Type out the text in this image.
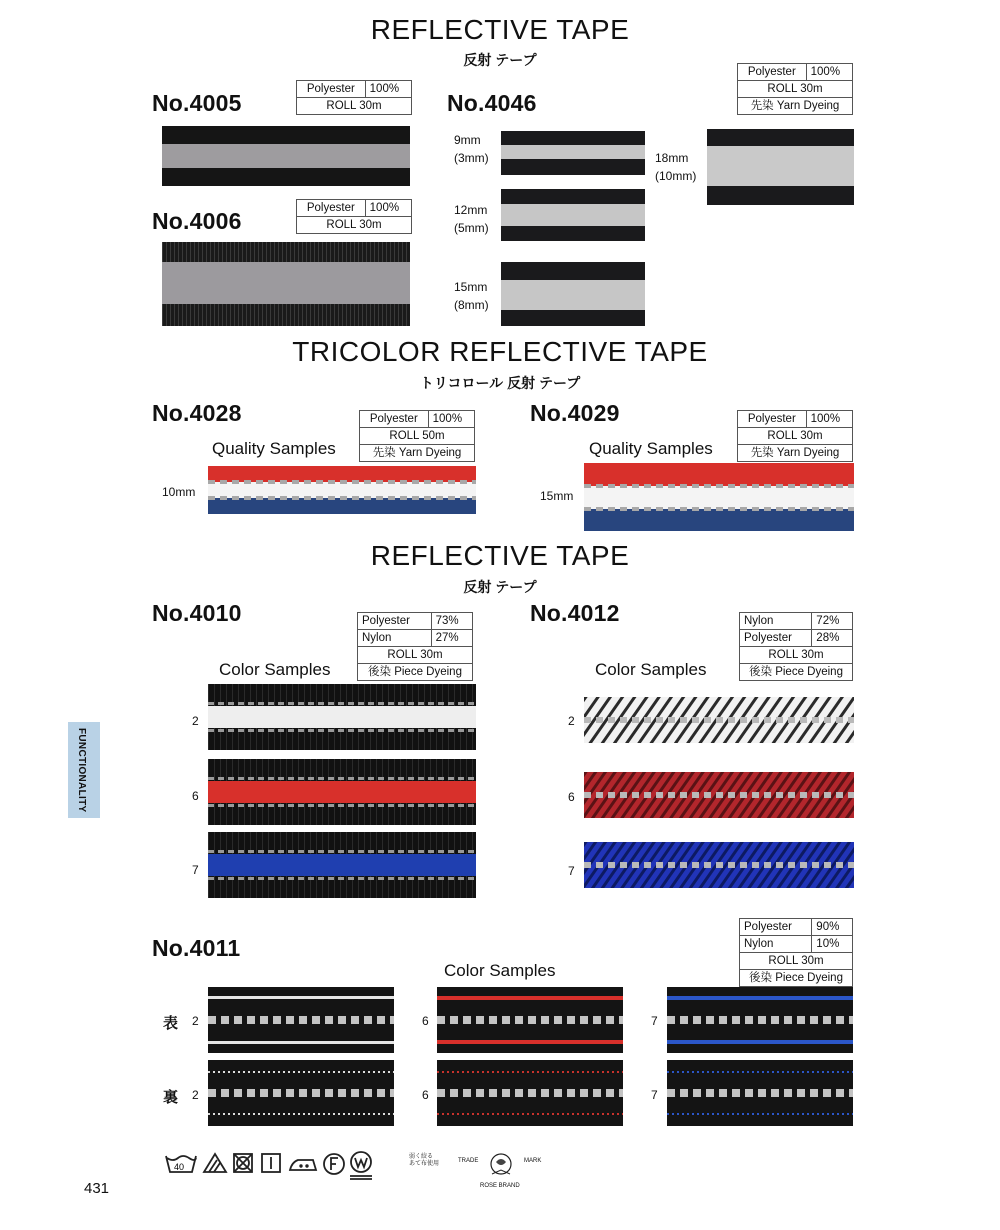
REFLECTIVE TAPE
反射 テープ
No.4005
Polyester	100%
ROLL 30m
No.4006	Polyester	100%
ROLL 30m
No.4046
Polyester	100%
ROLL 30m
先染 Yarn Dyeing
9mm
(3mm)
12mm
(5mm)
15mm
(8mm)
18mm
(10mm)
TRICOLOR REFLECTIVE TAPE
トリコロール 反射 テープ
No.4028	Polyester	100%
ROLL 50m
先染 Yarn Dyeing
Quality Samples
10mm
No.4029	Polyester	100%
ROLL 30m
先染 Yarn Dyeing
Quality Samples
15mm
REFLECTIVE TAPE
反射 テープ
No.4010	Polyester	73%
Nylon	27%
ROLL 30m	
後染 Piece Dyeing	
Color Samples
2
6
7
No.4012	Nylon	72%
Polyester	28%
ROLL 30m	
後染 Piece Dyeing	
Color Samples
2
6
7
No.4011
Polyester	90%
Nylon	10%
ROLL 30m	
後染 Piece Dyeing	
Color Samples
表 2
裏 2
6
6
7
7
FUNCTIONALITY
40
弱く絞る
あて布使用	TRADE	MARK
ROSE BRAND
431
